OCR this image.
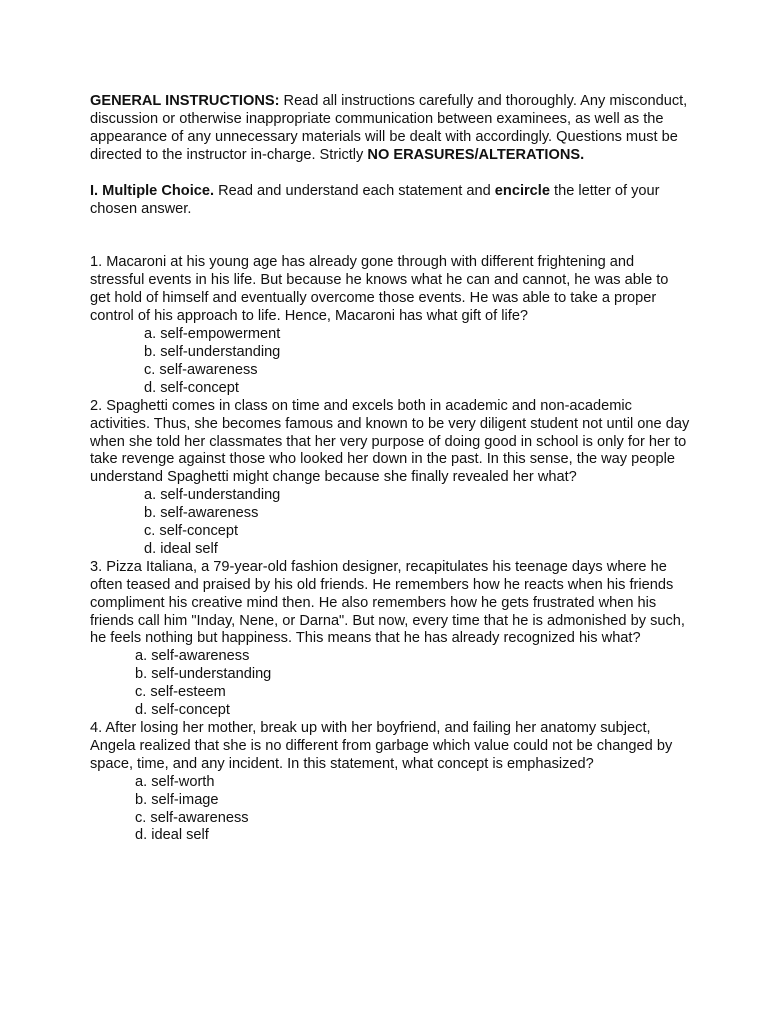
GENERAL INSTRUCTIONS: Read all instructions carefully and thoroughly. Any misconduct, discussion or otherwise inappropriate communication between examinees, as well as the appearance of any unnecessary materials will be dealt with accordingly. Questions must be directed to the instructor in-charge. Strictly NO ERASURES/ALTERATIONS.

I. Multiple Choice. Read and understand each statement and encircle the letter of your chosen answer.

1. Macaroni at his young age has already gone through with different frightening and stressful events in his life. But because he knows what he can and cannot, he was able to get hold of himself and eventually overcome those events. He was able to take a proper control of his approach to life. Hence, Macaroni has what gift of life?

a. self-empowerment
b. self-understanding
c. self-awareness
d. self-concept

2. Spaghetti comes in class on time and excels both in academic and non-academic activities. Thus, she becomes famous and known to be very diligent student not until one day when she told her classmates that her very purpose of doing good in school is only for her to take revenge against those who looked her down in the past. In this sense, the way people understand Spaghetti might change because she finally revealed her what?

a. self-understanding
b. self-awareness
c. self-concept
d. ideal self

3. Pizza Italiana, a 79-year-old fashion designer, recapitulates his teenage days where he often teased and praised by his old friends. He remembers how he reacts when his friends compliment his creative mind then. He also remembers how he gets frustrated when his friends call him "Inday, Nene, or Darna". But now, every time that he is admonished by such, he feels nothing but happiness. This means that he has already recognized his what?

a. self-awareness
b. self-understanding
c. self-esteem
d. self-concept

4. After losing her mother, break up with her boyfriend, and failing her anatomy subject, Angela realized that she is no different from garbage which value could not be changed by space, time, and any incident. In this statement, what concept is emphasized?

a. self-worth
b. self-image
c. self-awareness
d. ideal self
